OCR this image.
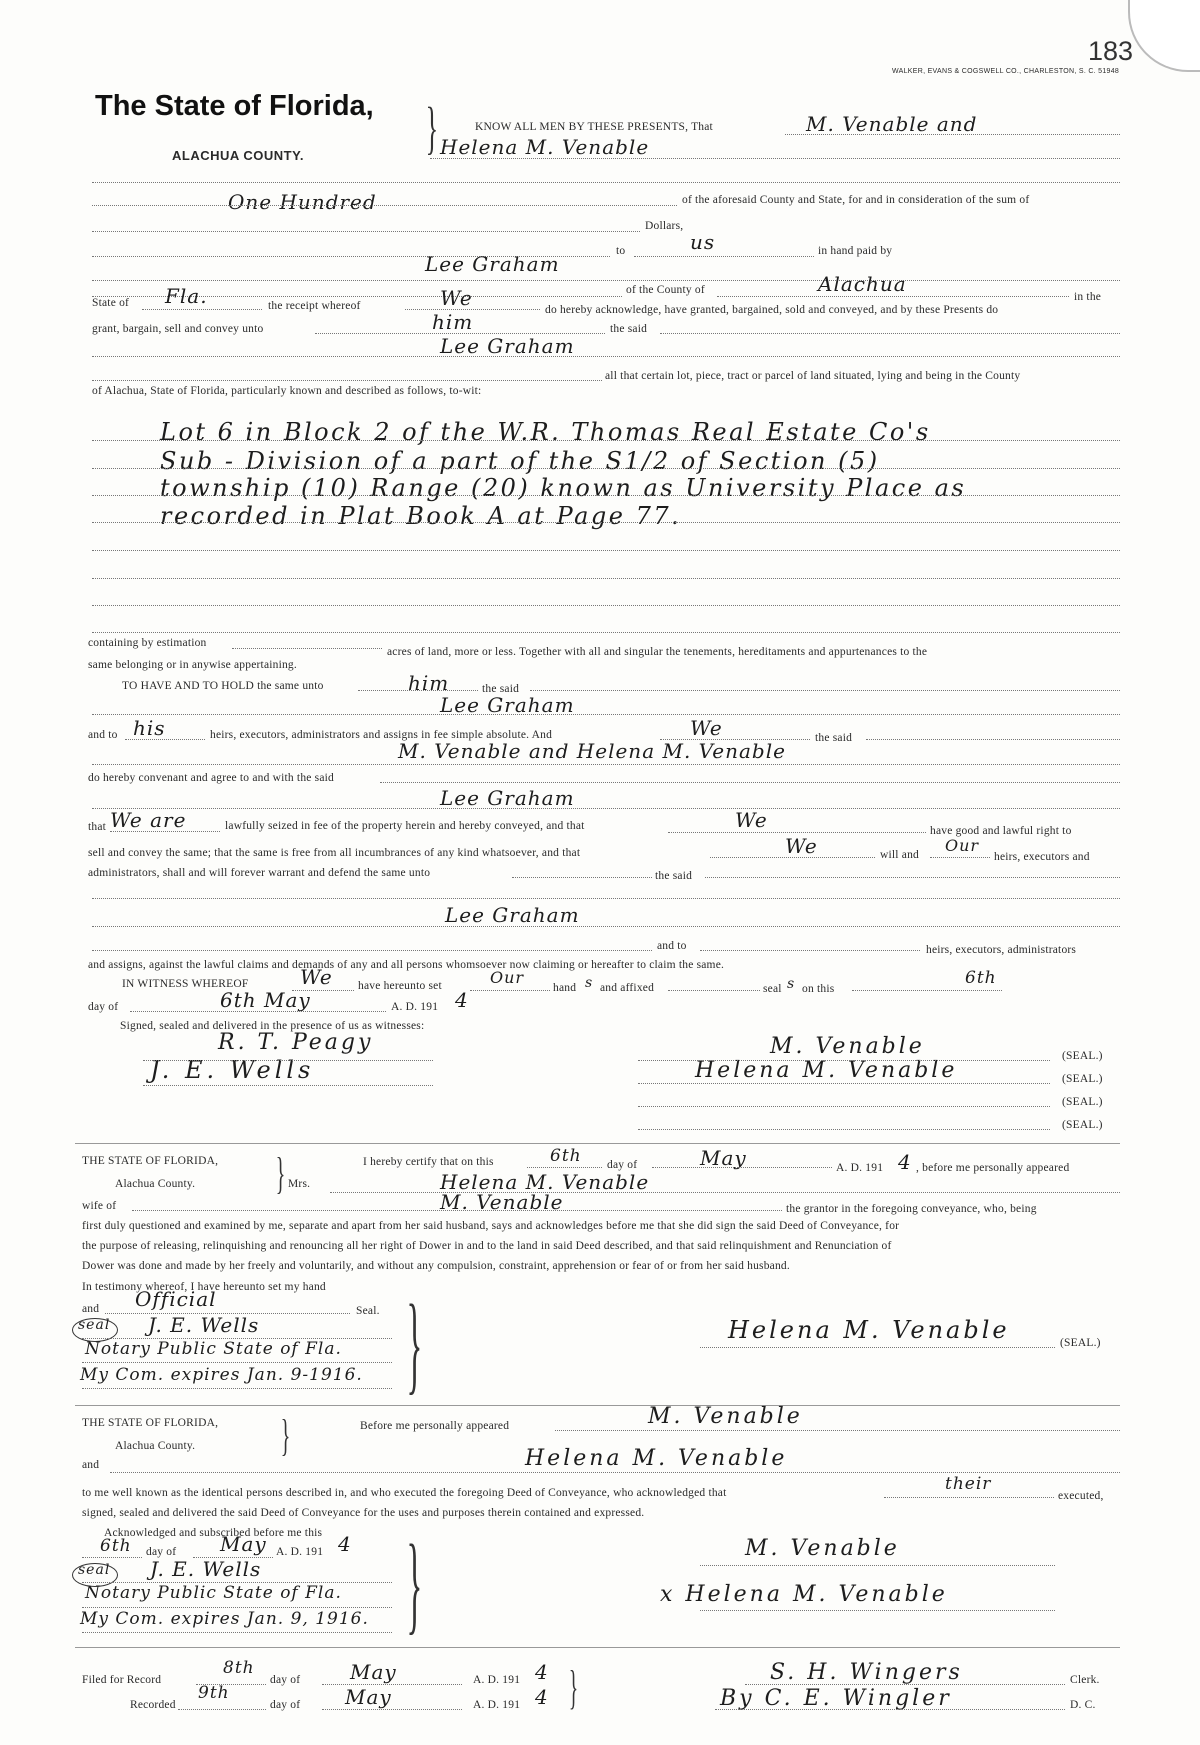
183
WALKER, EVANS & COGSWELL CO., CHARLESTON, S. C. 51948
The State of Florida,
ALACHUA COUNTY. }	KNOW ALL MEN BY THESE PRESENTS, That	M. Venable and
Helena M. Venable
One Hundred	of the aforesaid County and State, for and in consideration of the sum of
Dollars,
to	us	in hand paid by
Lee Graham
of the County of	Alachua
in the
State of Fla.	the receipt whereof	We	do hereby acknowledge, have granted, bargained, sold and conveyed, and by these Presents do
grant, bargain, sell and convey unto	him	the said
Lee Graham
all that certain lot, piece, tract or parcel of land situated, lying and being in the County
of Alachua, State of Florida, particularly known and described as follows, to-wit:
Lot 6 in Block 2 of the W.R. Thomas Real Estate Co's
Sub - Division of a part of the S1/2 of Section (5)
township (10) Range (20) known as University Place as
recorded in Plat Book A at Page 77.
containing by estimation
acres of land, more or less. Together with all and singular the tenements, hereditaments and appurtenances to the
same belonging or in anywise appertaining.
TO HAVE AND TO HOLD the same unto	him	the said
Lee Graham
and to his	heirs, executors, administrators and assigns in fee simple absolute. And	We	the said
M. Venable and Helena M. Venable
do hereby convenant and agree to and with the said
Lee Graham
that We are	lawfully seized in fee of the property herein and hereby conveyed, and that	We	have good and lawful right to
sell and convey the same; that the same is free from all incumbrances of any kind whatsoever, and that	We	will and Our
heirs, executors and
administrators, shall and will forever warrant and defend the same unto	the said
Lee Graham
and to	heirs, executors, administrators
and assigns, against the lawful claims and demands of any and all persons whomsoever now claiming or hereafter to claim the same.
IN WITNESS WHEREOF	We have hereunto set	Our
hand s and affixed	seal s on this
6th
day of	6th May	A. D. 191 4
Signed, sealed and delivered in the presence of us as witnesses:
R. T. Peagy
J. E. Wells
M. Venable
Helena M. Venable
(SEAL.)
(SEAL.)
(SEAL.)
(SEAL.)
THE STATE OF FLORIDA,
Alachua County. } Mrs.
I hereby certify that on this	6th day of	May	A. D. 191 4 , before me personally appeared
Helena M. Venable
wife of	M. Venable	the grantor in the foregoing conveyance, who, being
first duly questioned and examined by me, separate and apart from her said husband, says and acknowledges before me that she did sign the said Deed of Conveyance, for
the purpose of releasing, relinquishing and renouncing all her right of Dower in and to the land in said Deed described, and that said relinquishment and Renunciation of
Dower was done and made by her freely and voluntarily, and without any compulsion, constraint, apprehension or fear of or from her said husband.
In testimony whereof, I have hereunto set my hand
and Official	Seal.
seal J. E. Wells
Notary Public State of Fla.
My Com. expires Jan. 9-1916. }	Helena M. Venable	(SEAL.)
THE STATE OF FLORIDA,
Alachua County. }	Before me personally appeared	M. Venable
and	Helena M. Venable
to me well known as the identical persons described in, and who executed the foregoing Deed of Conveyance, who acknowledged that	their
executed,
signed, sealed and delivered the said Deed of Conveyance for the uses and purposes therein contained and expressed.
Acknowledged and subscribed before me this
6th day of May A. D. 191 4
seal J. E. Wells
Notary Public State of Fla.
My Com. expires Jan. 9, 1916. }	M. Venable
x Helena M. Venable
Filed for Record
8th
day of May	A. D. 191 4
Recorded
9th
day of May	A. D. 191 4 }	S. H. Wingers	Clerk.
By C. E. Wingler	D. C.
